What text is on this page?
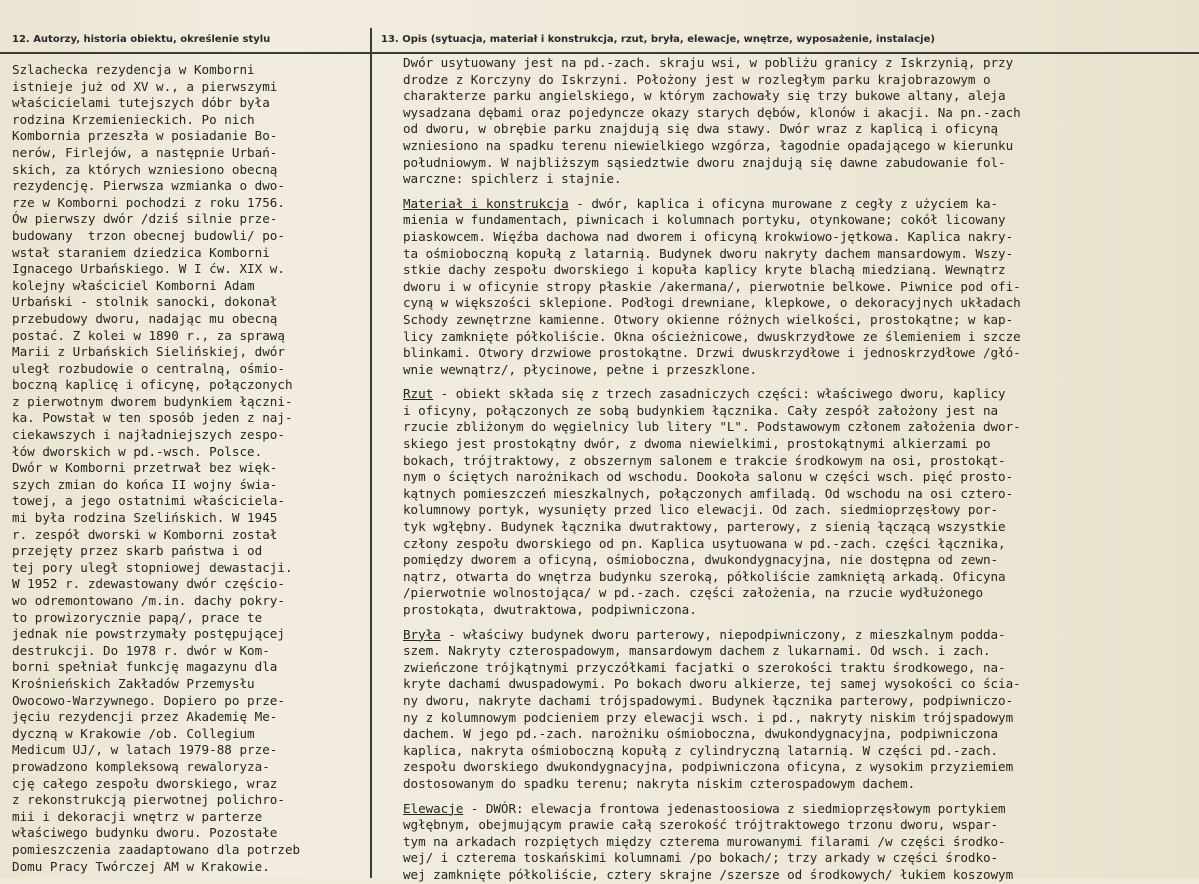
12. Autorzy, historia obiektu, określenie stylu	13. Opis (sytuacja, materiał i konstrukcja, rzut, bryła, elewacje, wnętrze, wyposażenie, instalacje)
Szlachecka rezydencja w Komborni
istnieje już od XV w., a pierwszymi
właścicielami tutejszych dóbr była
rodzina Krzemienieckich. Po nich
Kombornia przeszła w posiadanie Bo-
nerów, Firlejów, a następnie Urbań-
skich, za których wzniesiono obecną
rezydencję. Pierwsza wzmianka o dwo-
rze w Komborni pochodzi z roku 1756.
Ów pierwszy dwór /dziś silnie prze-
budowany  trzon obecnej budowli/ po-
wstał staraniem dziedzica Komborni
Ignacego Urbańskiego. W I ćw. XIX w.
kolejny właściciel Komborni Adam
Urbański - stolnik sanocki, dokonał
przebudowy dworu, nadając mu obecną
postać. Z kolei w 1890 r., za sprawą
Marii z Urbańskich Sielińskiej, dwór
uległ rozbudowie o centralną, ośmio-
boczną kaplicę i oficynę, połączonych
z pierwotnym dworem budynkiem łączni-
ka. Powstał w ten sposób jeden z naj-
ciekawszych i najładniejszych zespo-
łów dworskich w pd.-wsch. Polsce.
Dwór w Komborni przetrwał bez więk-
szych zmian do końca II wojny świa-
towej, a jego ostatnimi właściciela-
mi była rodzina Szelińskich. W 1945
r. zespół dworski w Komborni został
przejęty przez skarb państwa i od
tej pory uległ stopniowej dewastacji.
W 1952 r. zdewastowany dwór częścio-
wo odremontowano /m.in. dachy pokry-
to prowizorycznie papą/, prace te
jednak nie powstrzymały postępującej
destrukcji. Do 1978 r. dwór w Kom-
borni spełniał funkcję magazynu dla
Krośnieńskich Zakładów Przemysłu
Owocowo-Warzywnego. Dopiero po prze-
jęciu rezydencji przez Akademię Me-
dyczną w Krakowie /ob. Collegium
Medicum UJ/, w latach 1979-88 prze-
prowadzono kompleksową rewaloryza-
cję całego zespołu dworskiego, wraz
z rekonstrukcją pierwotnej polichro-
mii i dekoracji wnętrz w parterze
właściwego budynku dworu. Pozostałe
pomieszczenia zaadaptowano dla potrzeb
Domu Pracy Twórczej AM w Krakowie.
Dwór usytuowany jest na pd.-zach. skraju wsi, w pobliżu granicy z Iskrzynią, przy
drodze z Korczyny do Iskrzyni. Położony jest w rozległym parku krajobrazowym o
charakterze parku angielskiego, w którym zachowały się trzy bukowe altany, aleja
wysadzana dębami oraz pojedyncze okazy starych dębów, klonów i akacji. Na pn.-zach
od dworu, w obrębie parku znajdują się dwa stawy. Dwór wraz z kaplicą i oficyną
wzniesiono na spadku terenu niewielkiego wzgórza, łagodnie opadającego w kierunku
południowym. W najbliższym sąsiedztwie dworu znajdują się dawne zabudowanie fol-
warczne: spichlerz i stajnie.
Materiał i konstrukcja - dwór, kaplica i oficyna murowane z cegły z użyciem ka-
mienia w fundamentach, piwnicach i kolumnach portyku, otynkowane; cokół licowany
piaskowcem. Więźba dachowa nad dworem i oficyną krokwiowo-jętkowa. Kaplica nakry-
ta ośmioboczną kopułą z latarnią. Budynek dworu nakryty dachem mansardowym. Wszy-
stkie dachy zespołu dworskiego i kopuła kaplicy kryte blachą miedzianą. Wewnątrz
dworu i w oficynie stropy płaskie /akermana/, pierwotnie belkowe. Piwnice pod ofi-
cyną w większości sklepione. Podłogi drewniane, klepkowe, o dekoracyjnych układach
Schody zewnętrzne kamienne. Otwory okienne różnych wielkości, prostokątne; w kap-
licy zamknięte półkoliście. Okna ościeżnicowe, dwuskrzydłowe ze ślemieniem i szcze
blinkami. Otwory drzwiowe prostokątne. Drzwi dwuskrzydłowe i jednoskrzydłowe /głó-
wnie wewnątrz/, płycinowe, pełne i przeszklone.
Rzut - obiekt składa się z trzech zasadniczych części: właściwego dworu, kaplicy
i oficyny, połączonych ze sobą budynkiem łącznika. Cały zespół założony jest na
rzucie zbliżonym do węgielnicy lub litery "L". Podstawowym członem założenia dwor-
skiego jest prostokątny dwór, z dwoma niewielkimi, prostokątnymi alkierzami po
bokach, trójtraktowy, z obszernym salonem e trakcie środkowym na osi, prostokąt-
nym o ściętych narożnikach od wschodu. Dookoła salonu w części wsch. pięć prosto-
kątnych pomieszczeń mieszkalnych, połączonych amfiladą. Od wschodu na osi cztero-
kolumnowy portyk, wysunięty przed lico elewacji. Od zach. siedmioprzęsłowy por-
tyk wgłębny. Budynek łącznika dwutraktowy, parterowy, z sienią łączącą wszystkie
człony zespołu dworskiego od pn. Kaplica usytuowana w pd.-zach. części łącznika,
pomiędzy dworem a oficyną, ośmioboczna, dwukondygnacyjna, nie dostępna od zewn-
nątrz, otwarta do wnętrza budynku szeroką, półkoliście zamkniętą arkadą. Oficyna
/pierwotnie wolnostojąca/ w pd.-zach. części założenia, na rzucie wydłużonego
prostokąta, dwutraktowa, podpiwniczona.
Bryła - właściwy budynek dworu parterowy, niepodpiwniczony, z mieszkalnym podda-
szem. Nakryty czterospadowym, mansardowym dachem z lukarnami. Od wsch. i zach.
zwieńczone trójkątnymi przyczółkami facjatki o szerokości traktu środkowego, na-
kryte dachami dwuspadowymi. Po bokach dworu alkierze, tej samej wysokości co ścia-
ny dworu, nakryte dachami trójspadowymi. Budynek łącznika parterowy, podpiwniczo-
ny z kolumnowym podcieniem przy elewacji wsch. i pd., nakryty niskim trójspadowym
dachem. W jego pd.-zach. narożniku ośmioboczna, dwukondygnacyjna, podpiwniczona
kaplica, nakryta ośmioboczną kopułą z cylindryczną latarnią. W części pd.-zach.
zespołu dworskiego dwukondygnacyjna, podpiwniczona oficyna, z wysokim przyziemiem
dostosowanym do spadku terenu; nakryta niskim czterospadowym dachem.
Elewacje - DWÓR: elewacja frontowa jedenastoosiowa z siedmioprzęsłowym portykiem
wgłębnym, obejmującym prawie całą szerokość trójtraktowego trzonu dworu, wspar-
tym na arkadach rozpiętych między czterema murowanymi filarami /w części środko-
wej/ i czterema toskańskimi kolumnami /po bokach/; trzy arkady w części środko-
wej zamknięte półkoliście, cztery skrajne /szersze od środkowych/ łukiem koszowym
